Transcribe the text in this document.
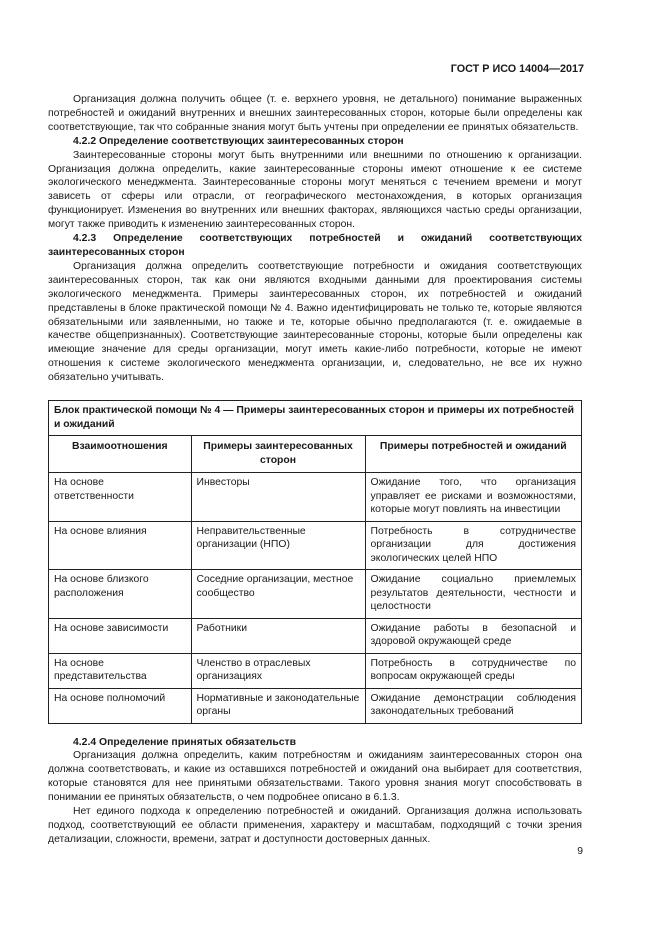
ГОСТ Р ИСО 14004—2017

Организация должна получить общее (т. е. верхнего уровня, не детального) понимание выраженных потребностей и ожиданий внутренних и внешних заинтересованных сторон, которые были определены как соответствующие, так что собранные знания могут быть учтены при определении ее принятых обязательств.

4.2.2 Определение соответствующих заинтересованных сторон

Заинтересованные стороны могут быть внутренними или внешними по отношению к организации. Организация должна определить, какие заинтересованные стороны имеют отношение к ее системе экологического менеджмента. Заинтересованные стороны могут меняться с течением времени и могут зависеть от сферы или отрасли, от географического местонахождения, в которых организация функционирует. Изменения во внутренних или внешних факторах, являющихся частью среды организации, могут также приводить к изменению заинтересованных сторон.

4.2.3 Определение соответствующих потребностей и ожиданий соответствующих заинтересованных сторон

Организация должна определить соответствующие потребности и ожидания соответствующих заинтересованных сторон, так как они являются входными данными для проектирования системы экологического менеджмента. Примеры заинтересованных сторон, их потребностей и ожиданий представлены в блоке практической помощи № 4. Важно идентифицировать не только те, которые являются обязательными или заявленными, но также и те, которые обычно предполагаются (т. е. ожидаемые в качестве общепризнанных). Соответствующие заинтересованные стороны, которые были определены как имеющие значение для среды организации, могут иметь какие-либо потребности, которые не имеют отношения к системе экологического менеджмента организации, и, следовательно, не все их нужно обязательно учитывать.

Блок практической помощи № 4 — Примеры заинтересованных сторон и примеры их потребностей и ожиданий
Взаимоотношения	Примеры заинтересованных сторон	Примеры потребностей и ожиданий
На основе ответственности	Инвесторы	Ожидание того, что организация управляет ее рисками и возможностями, которые могут повлиять на инвестиции
На основе влияния	Неправительственные организации (НПО)	Потребность в сотрудничестве организации для достижения экологических целей НПО
На основе близкого расположения	Соседние организации, местное сообщество	Ожидание социально приемлемых результатов деятельности, честности и целостности
На основе зависимости	Работники	Ожидание работы в безопасной и здоровой окружающей среде
На основе представительства	Членство в отраслевых организациях	Потребность в сотрудничестве по вопросам окружающей среды
На основе полномочий	Нормативные и законодательные органы	Ожидание демонстрации соблюдения законодательных требований

4.2.4 Определение принятых обязательств

Организация должна определить, каким потребностям и ожиданиям заинтересованных сторон она должна соответствовать, и какие из оставшихся потребностей и ожиданий она выбирает для соответствия, которые становятся для нее принятыми обязательствами. Такого уровня знания могут способствовать в понимании ее принятых обязательств, о чем подробнее описано в 6.1.3.

Нет единого подхода к определению потребностей и ожиданий. Организация должна использовать подход, соответствующий ее области применения, характеру и масштабам, подходящий с точки зрения детализации, сложности, времени, затрат и доступности достоверных данных.

9
